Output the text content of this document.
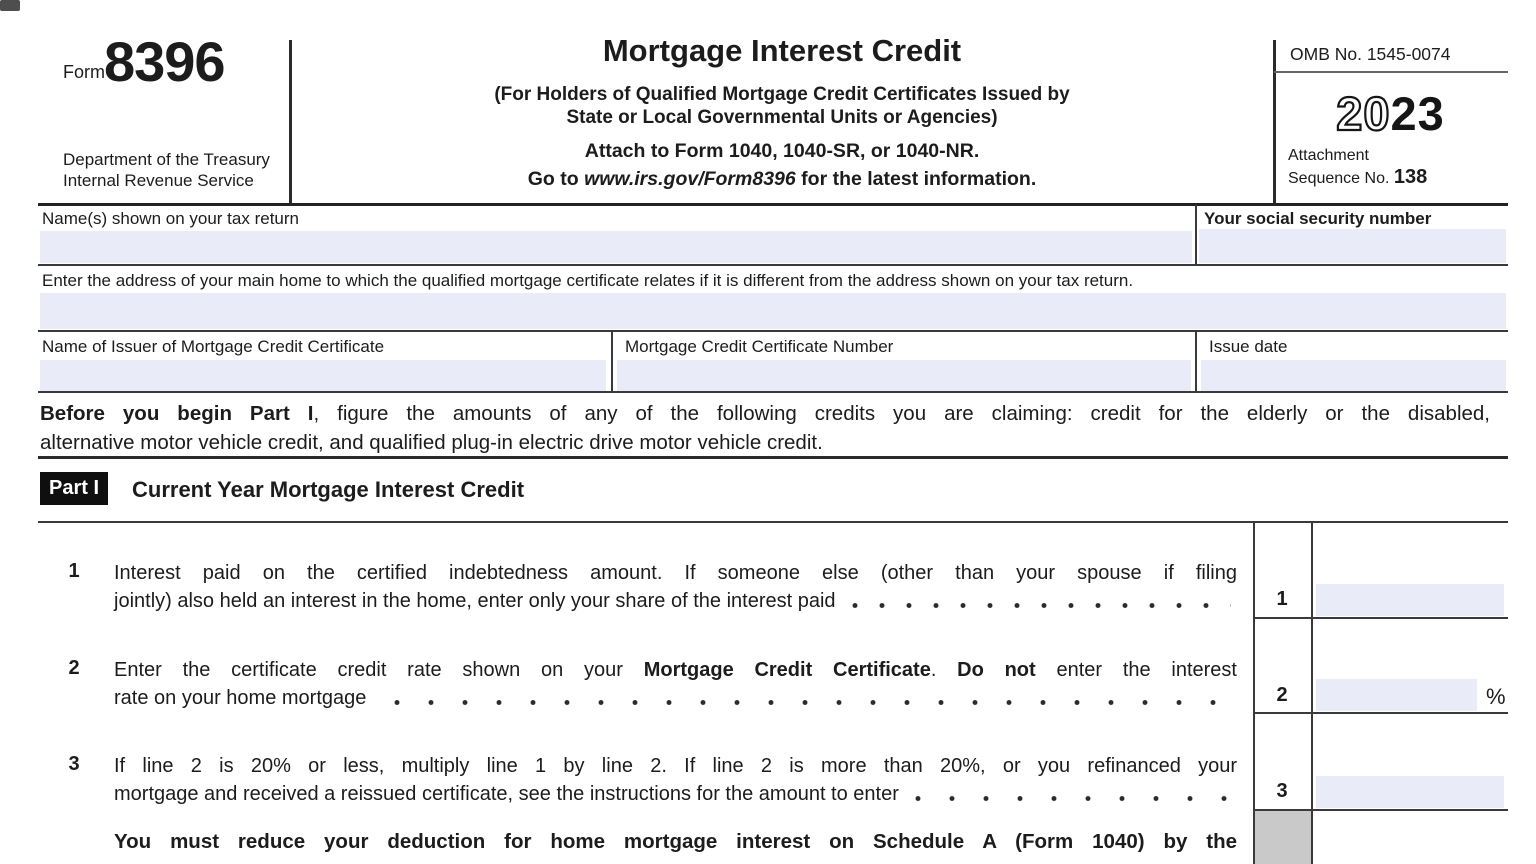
Form 8396
Department of the Treasury
Internal Revenue Service
Mortgage Interest Credit
(For Holders of Qualified Mortgage Credit Certificates Issued by
State or Local Governmental Units or Agencies)
Attach to Form 1040, 1040-SR, or 1040-NR.
Go to www.irs.gov/Form8396 for the latest information.
OMB No. 1545-0074
2023
Attachment
Sequence No. 138
Name(s) shown on your tax return	Your social security number
Enter the address of your main home to which the qualified mortgage certificate relates if it is different from the address shown on your tax return.
Name of Issuer of Mortgage Credit Certificate	Mortgage Credit Certificate Number	Issue date
Before you begin Part I, figure the amounts of any of the following credits you are claiming: credit for the elderly or the disabled,
alternative motor vehicle credit, and qualified plug-in electric drive motor vehicle credit.
Part I	Current Year Mortgage Interest Credit
1	Interest paid on the certified indebtedness amount. If someone else (other than your spouse if filing
jointly) also held an interest in the home, enter only your share of the interest paid	1
2	Enter the certificate credit rate shown on your Mortgage Credit Certificate. Do not enter the interest
rate on your home mortgage	2	%
3	If line 2 is 20% or less, multiply line 1 by line 2. If line 2 is more than 20%, or you refinanced your
mortgage and received a reissued certificate, see the instructions for the amount to enter	3
You must reduce your deduction for home mortgage interest on Schedule A (Form 1040) by the
